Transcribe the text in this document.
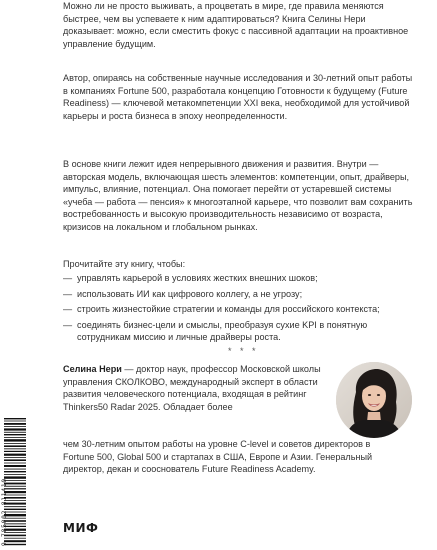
Можно ли не просто выживать, а процветать в мире, где правила меняются быстрее, чем вы успеваете к ним адаптироваться? Книга Селины Нери доказывает: можно, если сместить фокус с пассивной адаптации на проактивное управление будущим.

Автор, опираясь на собственные научные исследования и 30-летний опыт работы в компаниях Fortune 500, разработала концепцию Готовности к будущему (Future Readiness) — ключевой метакомпетенции XXI века, необходимой для устойчивой карьеры и роста бизнеса в эпоху неопределенности.

В основе книги лежит идея непрерывного движения и развития. Внутри — авторская модель, включающая шесть элементов: компетенции, опыт, драйверы, импульс, влияние, потенциал. Она помогает перейти от устаревшей системы «учеба — работа — пенсия» к многоэтапной карьере, что позволит вам сохранить востребованность и высокую производительность независимо от возраста, кризисов на локальном и глобальном рынках.

Прочитайте эту книгу, чтобы:

— управлять карьерой в условиях жестких внешних шоков;
— использовать ИИ как цифрового коллегу, а не угрозу;
— строить жизнестойкие стратегии и команды для российского контекста;
— соединять бизнес-цели и смыслы, преобразуя сухие KPI в понятную сотрудникам миссию и личные драйверы роста.
* * *

Селина Нери — доктор наук, профессор Московской школы управления СКОЛКОВО, международный эксперт в области развития человеческого потенциала, входящая в рейтинг Thinkers50 Radar 2025. Обладает более

чем 30-летним опытом работы на уровне C-level и советов директоров в Fortune 500, Global 500 и стартапах в США, Европе и Азии. Генеральный директор, декан и сооснователь Future Readiness Academy.

9 785002 811410	МИФ
